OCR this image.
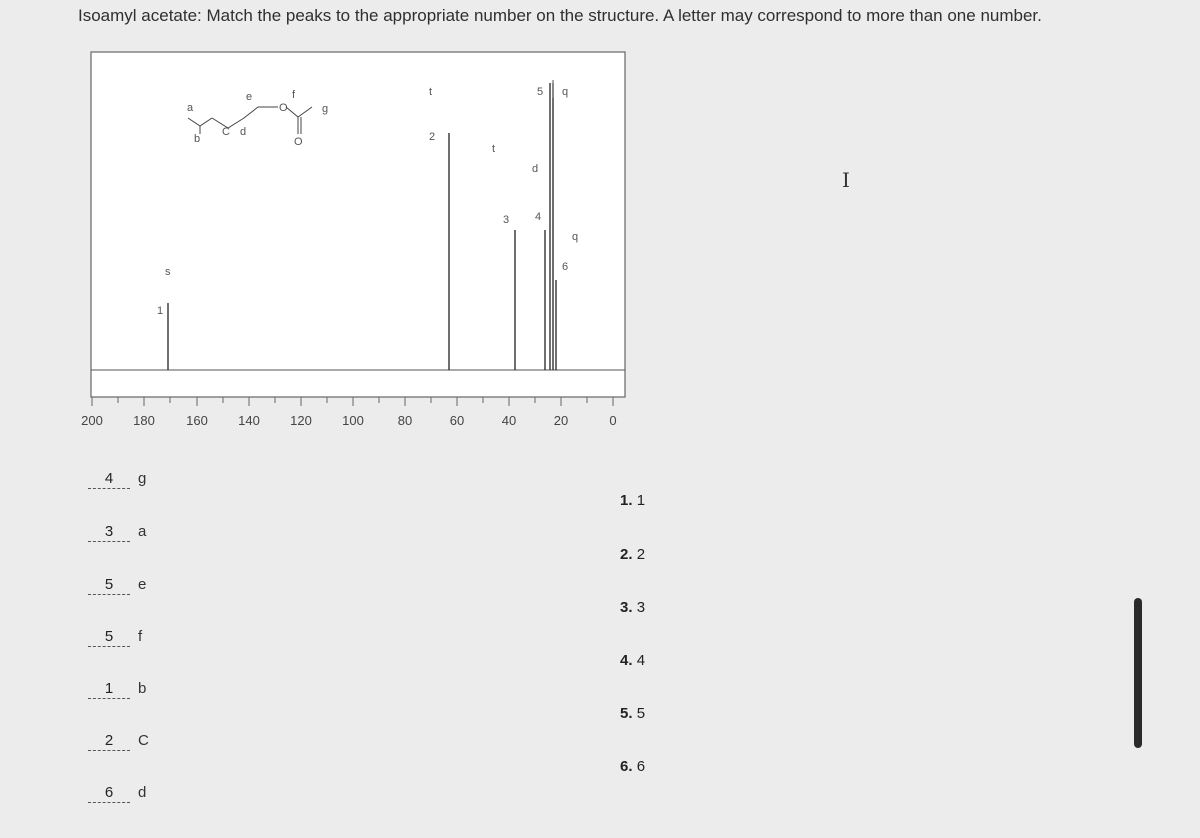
Isoamyl acetate: Match the peaks to the appropriate number on the structure. A letter may correspond to more than one number.
200 180 160 140 120 100	80	60	40	20	0
1
s
t
2
t
3
d
4
5 q
q
6
a
b
C d
e
O
f
g
O
4	g
3	a
5	e
5	f
1	b
2	C
6	d
1. 1
2. 2
3. 3
4. 4
5. 5
6. 6
I
